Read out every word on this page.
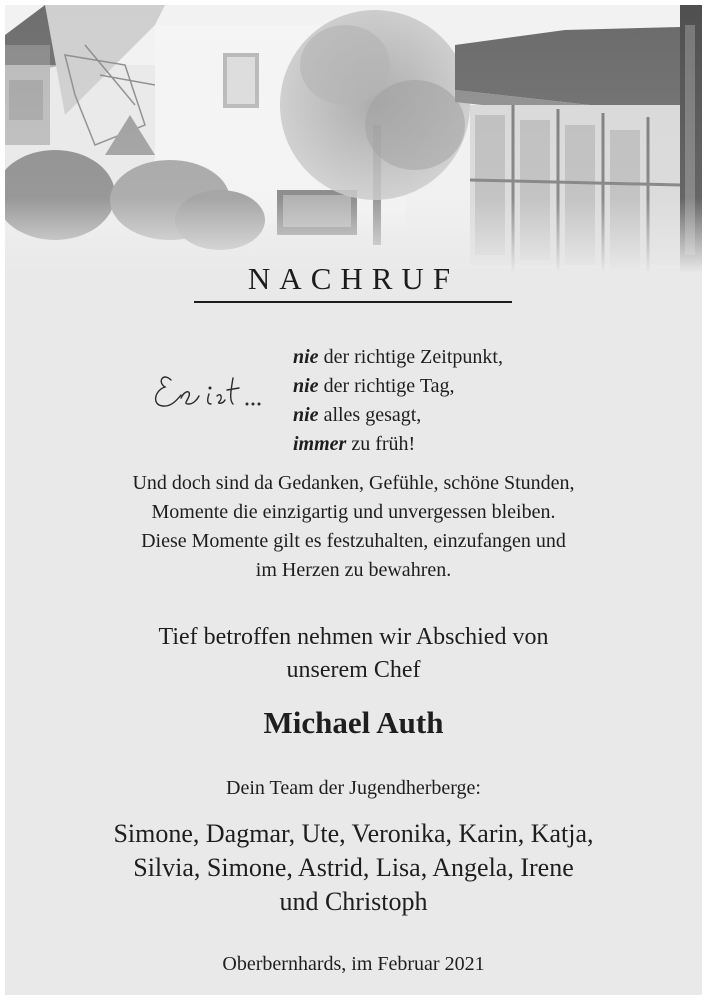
NACHRUF
nie der richtige Zeitpunkt,
nie der richtige Tag,
nie alles gesagt,
immer zu früh!
Und doch sind da Gedanken, Gefühle, schöne Stunden,
Momente die einzigartig und unvergessen bleiben.
Diese Momente gilt es festzuhalten, einzufangen und
im Herzen zu bewahren.
Tief betroffen nehmen wir Abschied von
unserem Chef
Michael Auth
Dein Team der Jugendherberge:
Simone, Dagmar, Ute, Veronika, Karin, Katja,
Silvia, Simone, Astrid, Lisa, Angela, Irene
und Christoph
Oberbernhards, im Februar 2021
